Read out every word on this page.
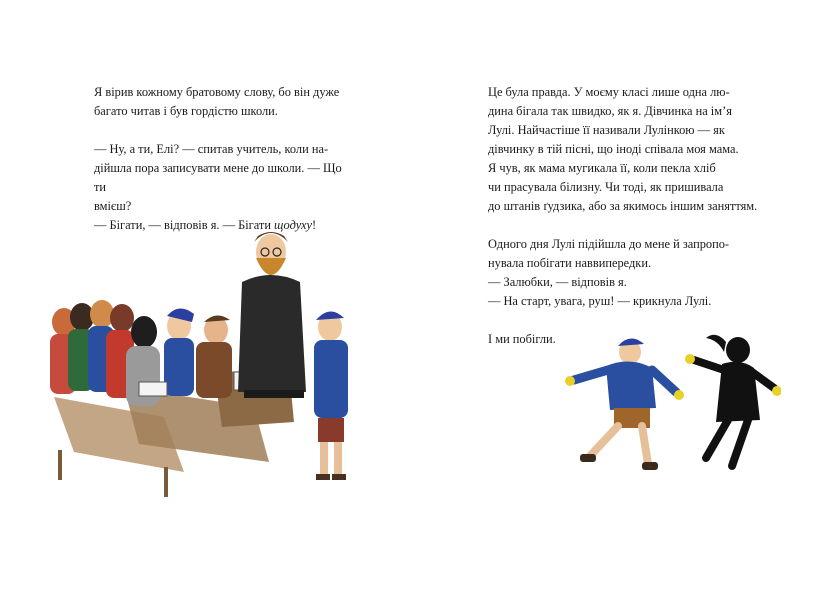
Я вірив кожному братовому слову, бо він дуже

багато читав і був гордістю школи.

— Ну, а ти, Елі? — спитав учитель, коли на-

дійшла пора записувати мене до школи. — Що ти

вмієш?

— Бігати, — відповів я. — Бігати щодуху!

Це була правда. У моєму класі лише одна лю-

дина бігала так швидко, як я. Дівчинка на ім’я

Лулі. Найчастіше її називали Лулінкою — як

дівчинку в тій пісні, що іноді співала моя мама.

Я чув, як мама мугикала її, коли пекла хліб

чи прасувала білизну. Чи тоді, як пришивала

до штанів ґудзика, або за якимось іншим заняттям.

Одного дня Лулі підійшла до мене й запропо-

нувала побігати наввипередки.

— Залюбки, — відповів я.

— На старт, увага, руш! — крикнула Лулі.

І ми побігли.
